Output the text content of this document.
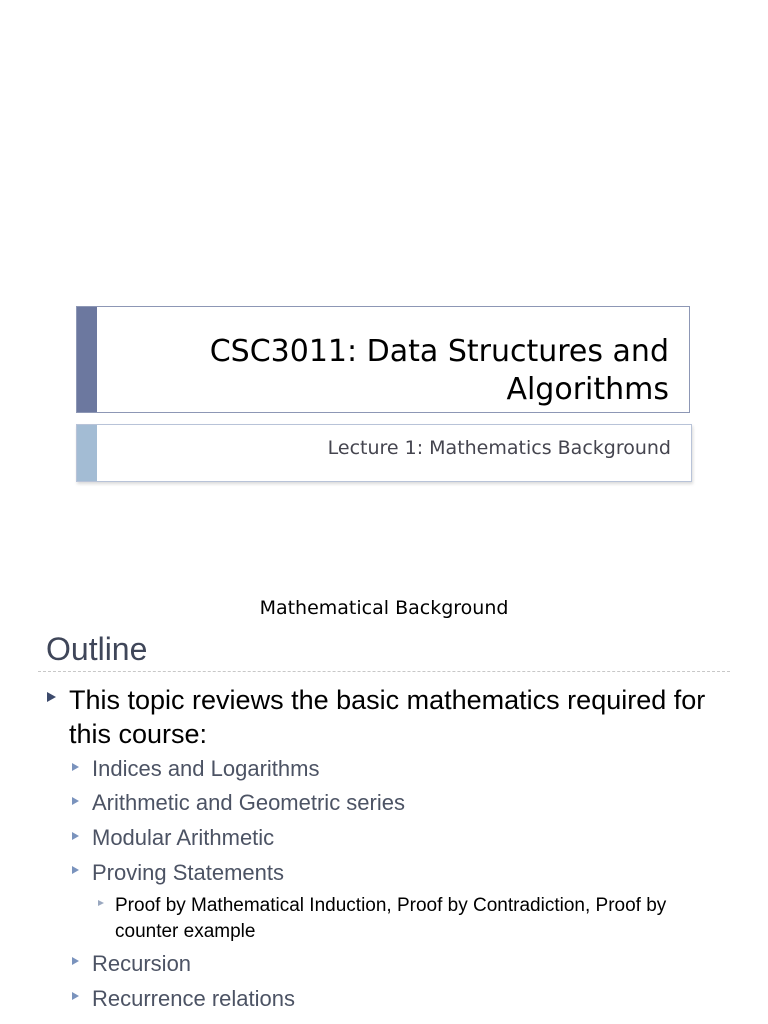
CSC3011: Data Structures and Algorithms
Lecture 1: Mathematics Background
Mathematical Background
Outline
This topic reviews the basic mathematics required for this course:
Indices and Logarithms
Arithmetic and Geometric series
Modular Arithmetic
Proving Statements
Proof by Mathematical Induction, Proof by Contradiction, Proof by counter example
Recursion
Recurrence relations
